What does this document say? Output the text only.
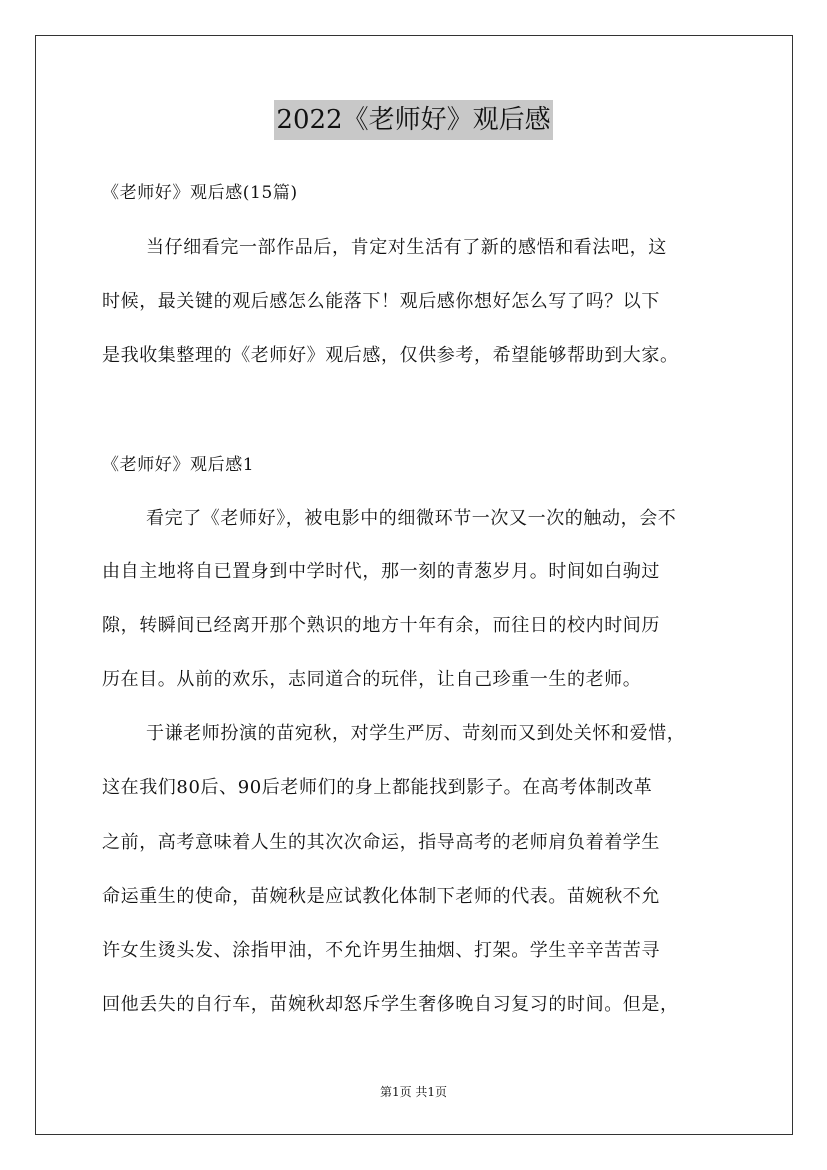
2022《老师好》观后感
《老师好》观后感(15篇)
当仔细看完一部作品后，肯定对生活有了新的感悟和看法吧，这
时候，最关键的观后感怎么能落下！观后感你想好怎么写了吗？以下
是我收集整理的《老师好》观后感，仅供参考，希望能够帮助到大家。
《老师好》观后感1
看完了《老师好》，被电影中的细微环节一次又一次的触动，会不
由自主地将自已置身到中学时代，那一刻的青葱岁月。时间如白驹过
隙，转瞬间已经离开那个熟识的地方十年有余，而往日的校内时间历
历在目。从前的欢乐，志同道合的玩伴，让自己珍重一生的老师。
于谦老师扮演的苗宛秋，对学生严厉、苛刻而又到处关怀和爱惜，
这在我们80后、90后老师们的身上都能找到影子。在高考体制改革
之前，高考意味着人生的其次次命运，指导高考的老师肩负着着学生
命运重生的使命，苗婉秋是应试教化体制下老师的代表。苗婉秋不允
许女生烫头发、涂指甲油，不允许男生抽烟、打架。学生辛辛苦苦寻
回他丢失的自行车，苗婉秋却怒斥学生奢侈晚自习复习的时间。但是，
第1页 共1页
